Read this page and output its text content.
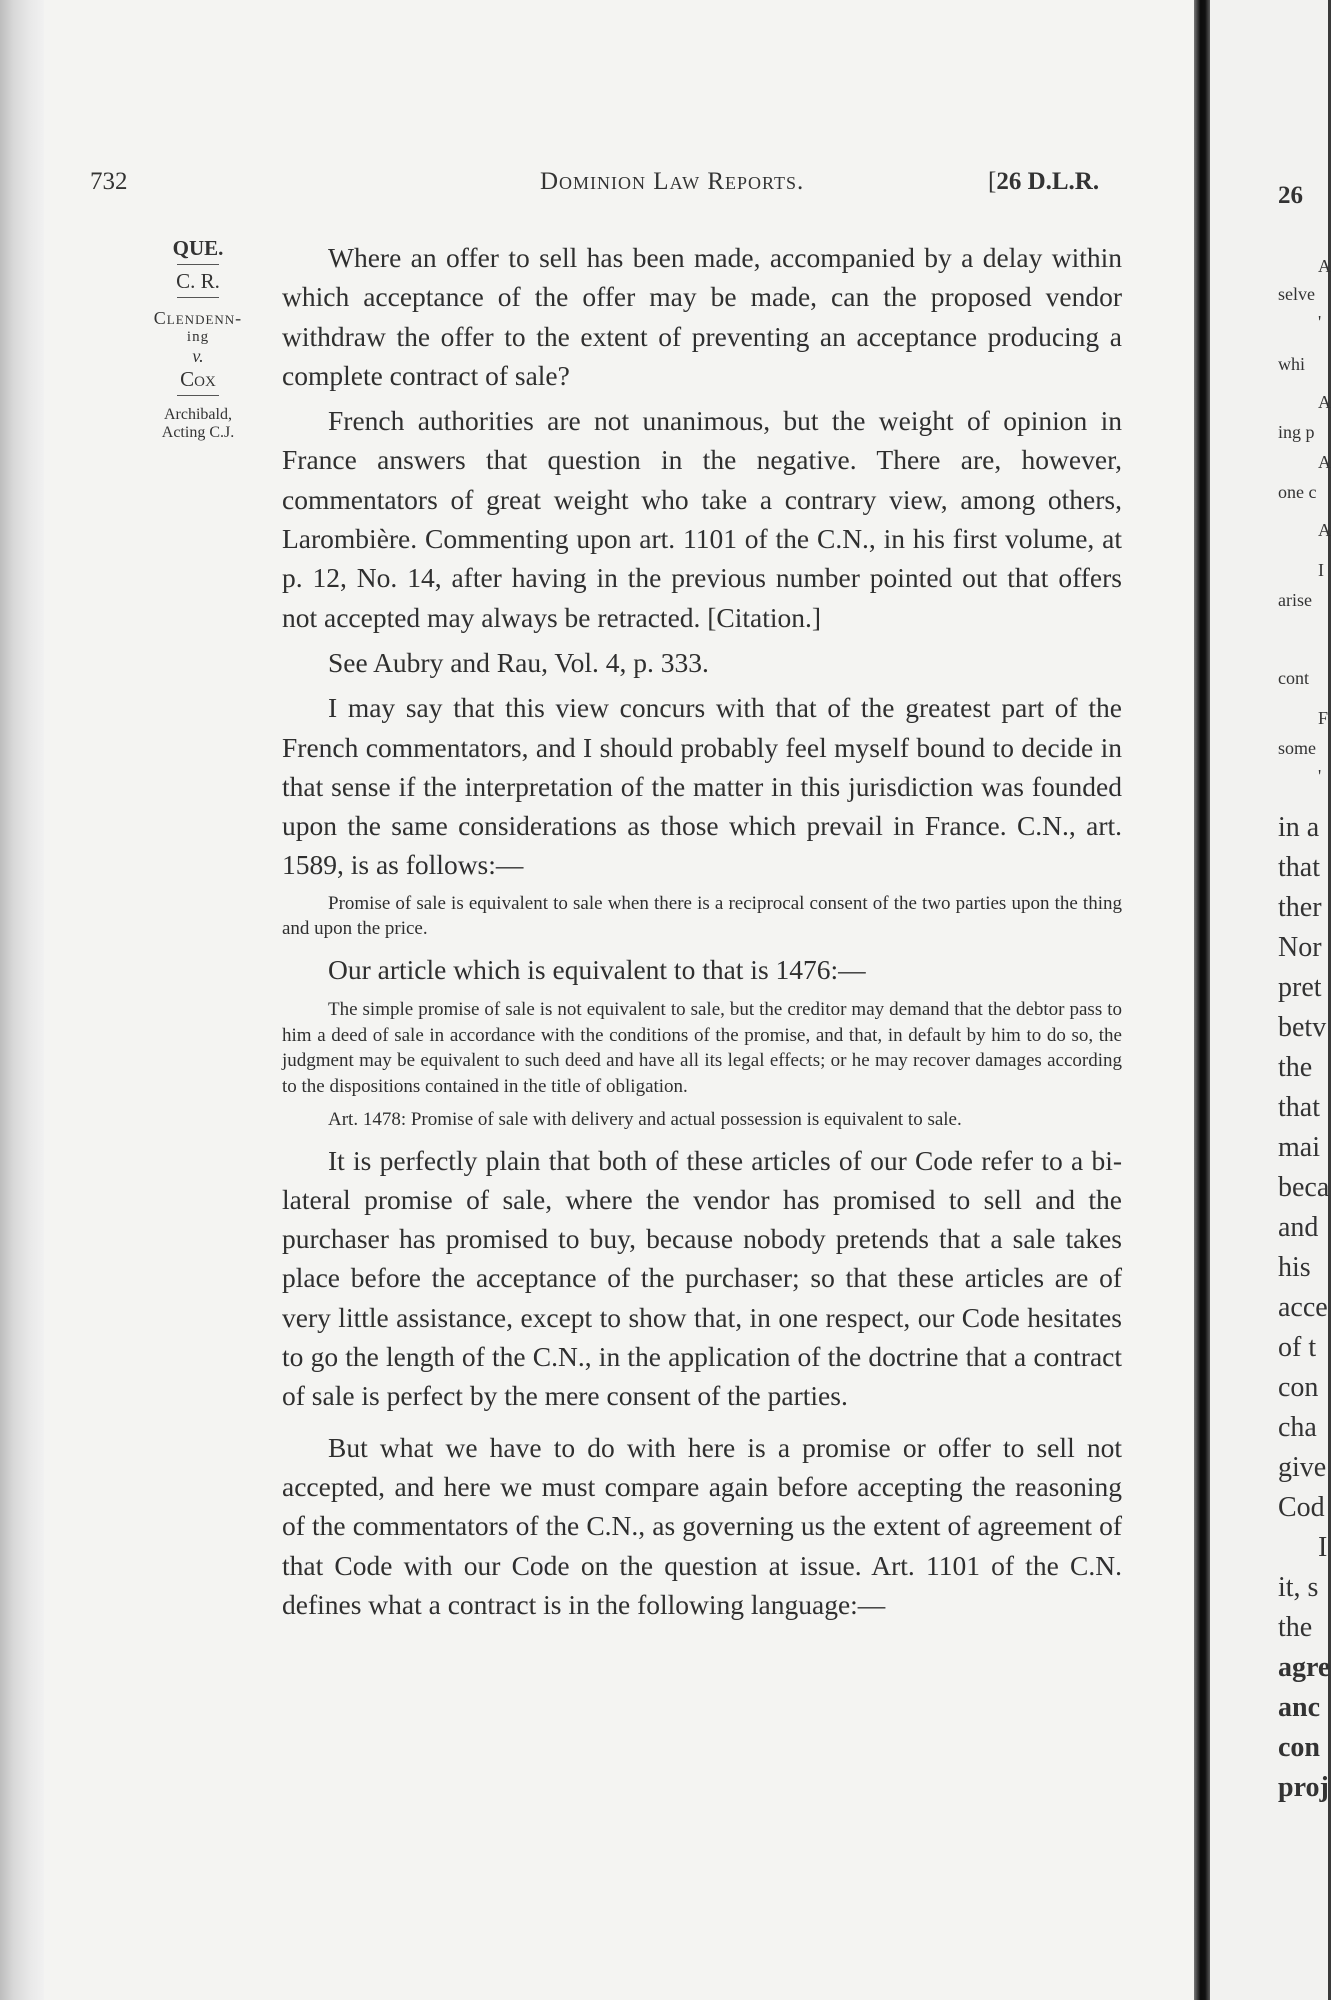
732	Dominion Law Reports.	[26 D.L.R.
QUE.
C. R.
Clendenn-
ing
v.
Cox
Archibald,
Acting C.J.

Where an offer to sell has been made, accompanied by a delay within which acceptance of the offer may be made, can the proposed vendor withdraw the offer to the extent of preventing an acceptance producing a complete contract of sale?

French authorities are not unanimous, but the weight of opinion in France answers that question in the negative. There are, however, commentators of great weight who take a contrary view, among others, Larombière. Commenting upon art. 1101 of the C.N., in his first volume, at p. 12, No. 14, after having in the previous number pointed out that offers not accepted may always be retracted. [Citation.]

See Aubry and Rau, Vol. 4, p. 333.

I may say that this view concurs with that of the greatest part of the French commentators, and I should probably feel myself bound to decide in that sense if the interpretation of the matter in this jurisdiction was founded upon the same considerations as those which prevail in France. C.N., art. 1589, is as follows:—

Promise of sale is equivalent to sale when there is a reciprocal consent of the two parties upon the thing and upon the price.

Our article which is equivalent to that is 1476:—

The simple promise of sale is not equivalent to sale, but the creditor may demand that the debtor pass to him a deed of sale in accordance with the conditions of the promise, and that, in default by him to do so, the judgment may be equivalent to such deed and have all its legal effects; or he may recover damages according to the dispositions contained in the title of obligation.

Art. 1478: Promise of sale with delivery and actual possession is equivalent to sale.

It is perfectly plain that both of these articles of our Code refer to a bi-lateral promise of sale, where the vendor has promised to sell and the purchaser has promised to buy, because nobody pretends that a sale takes place before the acceptance of the purchaser; so that these articles are of very little assistance, except to show that, in one respect, our Code hesitates to go the length of the C.N., in the application of the doctrine that a contract of sale is perfect by the mere consent of the parties.

But what we have to do with here is a promise or offer to sell not accepted, and here we must compare again before accepting the reasoning of the commentators of the C.N., as governing us the extent of agreement of that Code with our Code on the question at issue. Art. 1101 of the C.N. defines what a contract is in the following language:—

26
A
selve
'
whi
A
ing p
A
one c
A
I
arise
cont
F
some
'
in a
that
ther
Nor
pret
betv
the
that
mai
beca
and
his
acce
of t
con
cha
give
Cod
I
it, s
the
agre
anc
con
proj
